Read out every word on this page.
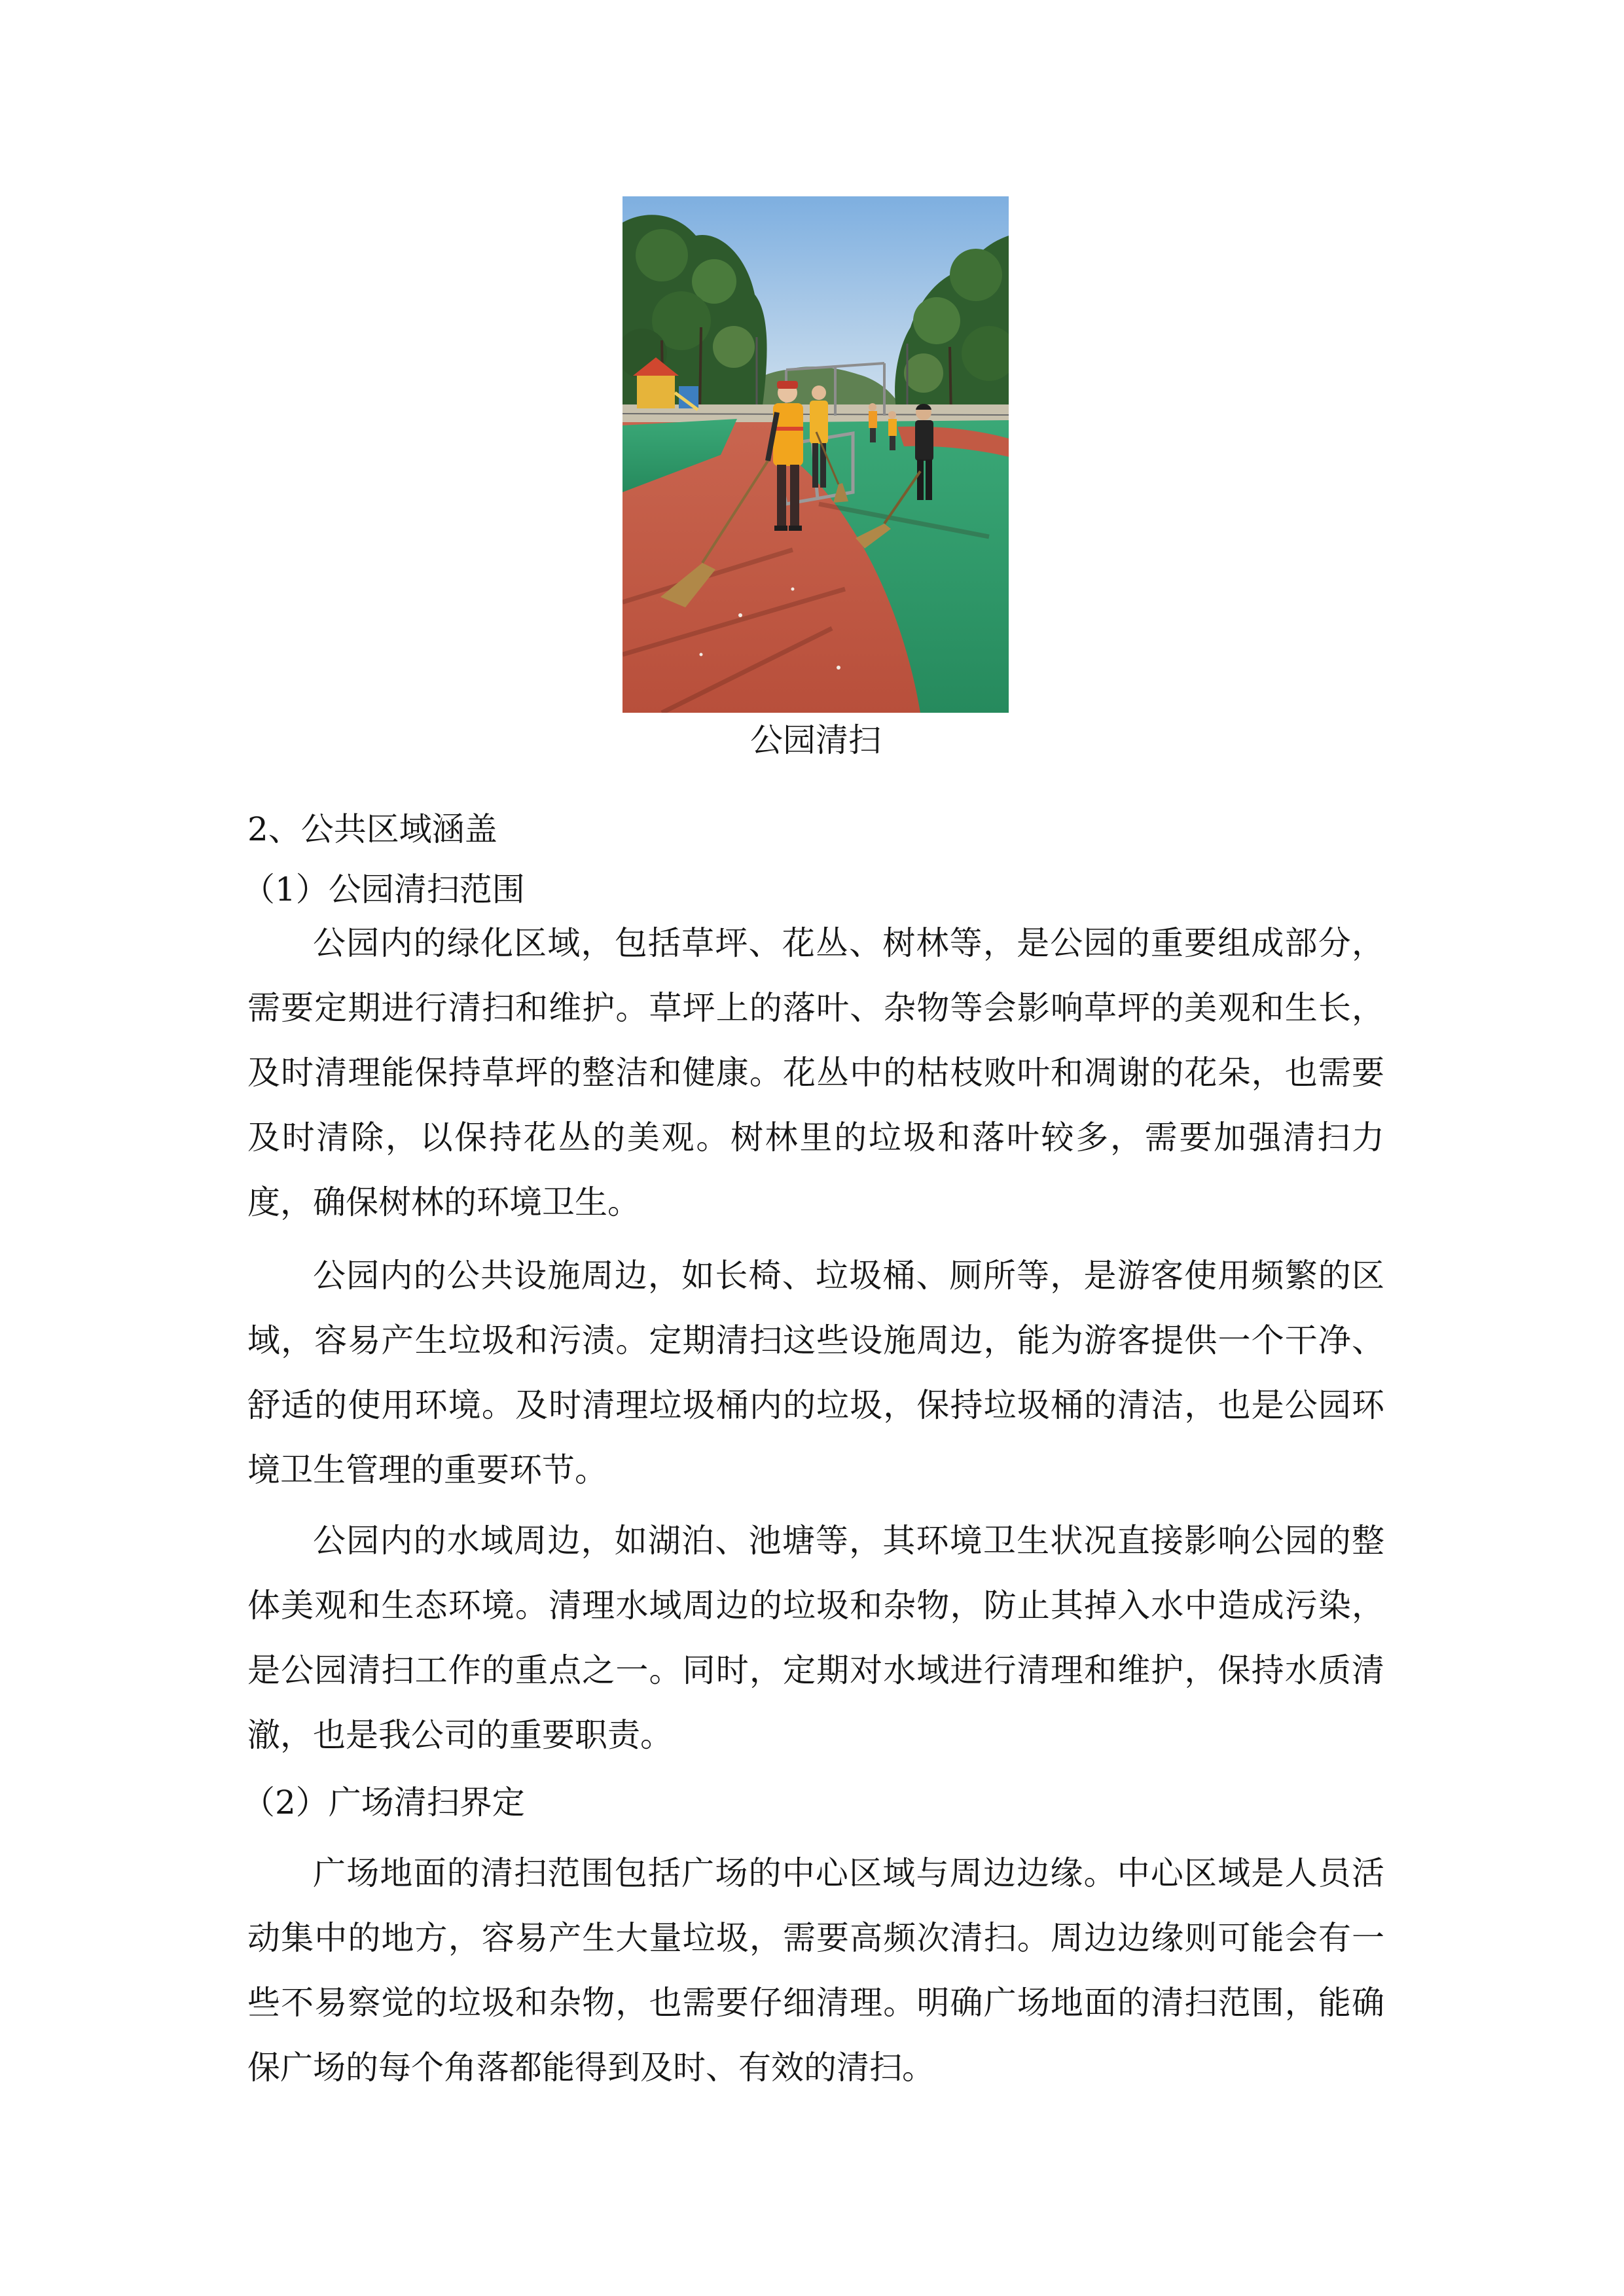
公园清扫
2、公共区域涵盖
（1）公园清扫范围
公园内的绿化区域，包括草坪、花丛、树林等，是公园的重要组成部分，
需要定期进行清扫和维护。草坪上的落叶、杂物等会影响草坪的美观和生长，
及时清理能保持草坪的整洁和健康。花丛中的枯枝败叶和凋谢的花朵，也需要
及时清除，以保持花丛的美观。树林里的垃圾和落叶较多，需要加强清扫力
度，确保树林的环境卫生。
公园内的公共设施周边，如长椅、垃圾桶、厕所等，是游客使用频繁的区
域，容易产生垃圾和污渍。定期清扫这些设施周边，能为游客提供一个干净、
舒适的使用环境。及时清理垃圾桶内的垃圾，保持垃圾桶的清洁，也是公园环
境卫生管理的重要环节。
公园内的水域周边，如湖泊、池塘等，其环境卫生状况直接影响公园的整
体美观和生态环境。清理水域周边的垃圾和杂物，防止其掉入水中造成污染，
是公园清扫工作的重点之一。同时，定期对水域进行清理和维护，保持水质清
澈，也是我公司的重要职责。
（2）广场清扫界定
广场地面的清扫范围包括广场的中心区域与周边边缘。中心区域是人员活
动集中的地方，容易产生大量垃圾，需要高频次清扫。周边边缘则可能会有一
些不易察觉的垃圾和杂物，也需要仔细清理。明确广场地面的清扫范围，能确
保广场的每个角落都能得到及时、有效的清扫。
